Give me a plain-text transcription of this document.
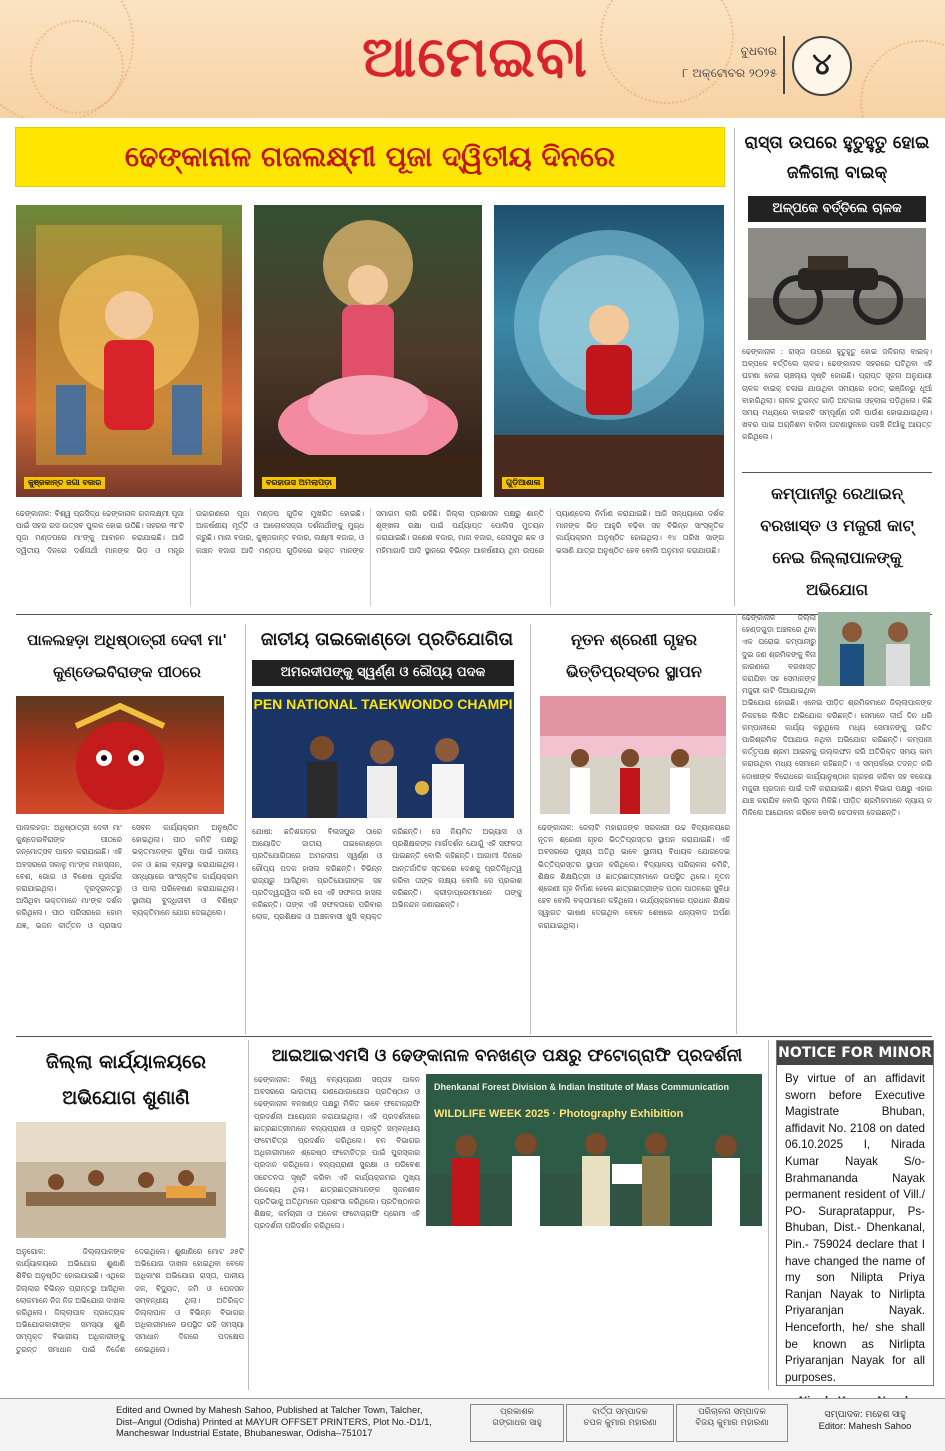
ଆମେଇବା	ବୁଧବାର
୮ ଅକ୍ଟୋବର ୨୦୨୫	୪
ଢେଙ୍କାନାଳ ଗଜଲକ୍ଷ୍ମୀ ପୂଜା ଦ୍ୱିତୀୟ ଦିନରେ
କୁଞ୍ଜକାନ୍ତ ଜଗା ବଜାର	ବରହାଉସ ଅମଲାପଡ଼ା	ଗୁଡ଼ିଆଶାଳା
ଢେଙ୍କାନାଳ: ବିଶ୍ୱ ପ୍ରସିଦ୍ଧ ଢେଙ୍କାନାଳ ଗଜଲକ୍ଷ୍ମୀ ପୂଜା ପାଇଁ ସହର ରସ ଉତ୍ସବ ପୁଲକ ହୋଇ ଉଠିଛି। ସହରର ୩୮ଟି ପୂଜା ମଣ୍ଡପରେ ମା'ଙ୍କୁ ଆବାହନ କରାଯାଇଛି। ଆଜି ଦ୍ୱିତୀୟ ଦିନରେ ଦର୍ଶନାର୍ଥୀ ମାନଙ୍କ ଭିଡ଼ ଓ ମନ୍ତ୍ର ଉଚ୍ଚାରଣରେ ପୂଜା ମଣ୍ଡପ ଗୁଡ଼ିକ ମୁଖରିତ ହୋଇଛି। ଆକର୍ଷଣୀୟ ମୂର୍ତ୍ତି ଓ ଆଲୋକସଜ୍ଜା ଦର୍ଶନାର୍ଥୀଙ୍କୁ ମୁଗ୍ଧ କରୁଛି। ମାନା ବଜାର, କୁଞ୍ଜକାନ୍ତ ବଜାର, ଲକ୍ଷ୍ମୀ ବଜାର, ଓ କାଞ୍ଚନ ବଜାର ଆଦି ମଣ୍ଡପ ଗୁଡ଼ିକରେ ଭକ୍ତ ମାନଙ୍କ ସମାଗମ ଲାଗି ରହିଛି। ଜିଲ୍ଲା ପ୍ରଶାସନ ପକ୍ଷରୁ ଶାନ୍ତି ଶୃଙ୍ଖଳା ରକ୍ଷା ପାଇଁ ପର୍ଯ୍ୟାପ୍ତ ପୋଲିସ ମୁତୟନ କରାଯାଇଛି। ଗଣେଶ ବଜାର, ମାନା ବଜାର, ଜେନାପୁର ଛକ ଓ ମହିମାଗାଦି ଆଦି ସ୍ଥାନରେ ବିଭିନ୍ନ ଆକର୍ଷଣୀୟ ଥିମ ଉପରେ ପ୍ୟାଣ୍ଡେଲ ନିର୍ମାଣ କରାଯାଇଛି। ଆଜି ସନ୍ଧ୍ୟାରେ ଦର୍ଶକ ମାନଙ୍କ ଭିଡ଼ ଆହୁରି ବଢ଼ିବା ସହ ବିଭିନ୍ନ ସାଂସ୍କୃତିକ କାର୍ଯ୍ୟକ୍ରମ ଅନୁଷ୍ଠିତ ହୋଇଥିଲା। ୧୪ ତାରିଖ ସାଙ୍ଗ ଭସାଣି ଯାତ୍ରା ଅନୁଷ୍ଠିତ ହେବ ବୋଲି ଅନୁମାନ କରାଯାଉଛି।
ରାସ୍ତା ଉପରେ ହୁତୁହୁତୁ ହୋଇ ଜଳିଗଲା ବାଇକ୍
ଅଳ୍ପକେ ବର୍ତ୍ତିଲେ ଚାଳକ
ଢେଙ୍କାନାଳ : ରାସ୍ତା ଉପରେ ହୁତୁହୁତୁ ହୋଇ ଜଳିଗଲା ବାଇକ୍। ଅଳ୍ପକେ ବର୍ତ୍ତିଲେ ଚାଳକ। ଢେଙ୍କାନାଳ ସହରରେ ଘଟିଥିବା ଏହି ଘଟଣା ନେଇ ଚାଞ୍ଚଲ୍ୟ ସୃଷ୍ଟି ହୋଇଛି। ପ୍ରାପ୍ତ ସୂଚନା ଅନୁଯାୟୀ ଚାଳକ ବାଇକ୍ ଚଳାଇ ଯାଉଥିବା ସମୟରେ ହଠାତ୍ ଇଞ୍ଜିନରୁ ଧୂଆଁ ବାହାରିଥିଲା। ଚାଳକ ତୁରନ୍ତ ଗାଡ଼ି ଅଟକାଇ ଓହ୍ଲାଇ ପଡ଼ିଥିଲେ। କିଛି ସମୟ ମଧ୍ୟରେ ବାଇକଟି ସମ୍ପୂର୍ଣ୍ଣ ଜଳି ପାଉଁଶ ହୋଇଯାଇଥିଲା। ଖବର ପାଇ ଅଗ୍ନିଶମ ବାହିନୀ ଘଟଣାସ୍ଥଳରେ ପହଞ୍ଚି ନିଆଁକୁ ଆୟତ୍ତ କରିଥିଲେ।
କମ୍ପାନୀରୁ ରେଥାଇନ୍ ବରଖାସ୍ତ ଓ ମଜୁରୀ କାଟ୍ ନେଇ ଜିଲ୍ଲାପାଳଙ୍କୁ ଅଭିଯୋଗ
ଢେଙ୍କାନାଳ ଜିଲ୍ଲା ହେଣ୍ଡଗୁଡ଼ା ଅଞ୍ଚଳରେ ଥିବା ଏକ ଘରୋଇ କମ୍ପାନୀରୁ ଦୁଇ ଜଣ ଶ୍ରମିକଙ୍କୁ ବିନା କାରଣରେ ବରଖାସ୍ତ କରାଯିବା ସହ ସେମାନଙ୍କ ମଜୁରୀ କାଟି ଦିଆଯାଇଥିବା ଅଭିଯୋଗ ହୋଇଛି। ଏନେଇ ପୀଡ଼ିତ ଶ୍ରମିକମାନେ ଜିଲ୍ଲାପାଳଙ୍କ ନିକଟରେ ଲିଖିତ ଅଭିଯୋଗ କରିଛନ୍ତି। ସେମାନେ ଦୀର୍ଘ ଦିନ ଧରି କମ୍ପାନୀରେ କାର୍ଯ୍ୟ କରୁଥିଲେ ମଧ୍ୟ ସେମାନଙ୍କୁ ଉଚିତ ପାରିଶ୍ରମିକ ଦିଆଯାଉ ନଥିବା ଅଭିଯୋଗ କରିଛନ୍ତି। କମ୍ପାନୀ କର୍ତ୍ତୃପକ୍ଷ ଶ୍ରମ ଆଇନକୁ ଉଲ୍ଲଙ୍ଘନ କରି ଅତିରିକ୍ତ ସମୟ କାମ କରାଉଥିବା ମଧ୍ୟ ସେମାନେ କହିଛନ୍ତି। ଏ ସମ୍ପର୍କରେ ତଦନ୍ତ କରି ଦୋଷୀଙ୍କ ବିରୋଧରେ କାର୍ଯ୍ୟାନୁଷ୍ଠାନ ଗ୍ରହଣ କରିବା ସହ ବକେୟା ମଜୁରୀ ପ୍ରଦାନ ପାଇଁ ଦାବି କରାଯାଇଛି। ଶ୍ରମ ବିଭାଗ ପକ୍ଷରୁ ଏହାର ଯାଞ୍ଚ କରାଯିବ ବୋଲି ସୂଚନା ମିଳିଛି। ପୀଡ଼ିତ ଶ୍ରମିକମାନେ ନ୍ୟାୟ ନ ମିଳିଲେ ଆନ୍ଦୋଳନ କରିବେ ବୋଲି ଚେତାବନୀ ଦେଇଛନ୍ତି।
ପାଳଲହଡ଼ା ଅଧିଷ୍ଠାତ୍ରୀ ଦେବୀ ମା' କୁଣ୍ଡେଇବିରାଙ୍କ ପୀଠରେ
ପାଲଲହଡ଼ା: ଅଧିଷ୍ଠାତ୍ରୀ ଦେବୀ ମା' କୁଣ୍ଡେଇବିରାଙ୍କ ପୀଠରେ ଜନ୍ମୋତ୍ସବ ପାଳନ କରାଯାଇଛି। ଏହି ଅବସରରେ ସକାଳୁ ମା'ଙ୍କ ମହାସ୍ନାନ, ବେଶ, ଭୋଗ ଓ ବିଶେଷ ପୂଜାର୍ଚ୍ଚନା କରାଯାଇଥିଲା। ଦୂରଦୂରାନ୍ତରୁ ଆସିଥିବା ଭକ୍ତମାନେ ମା'ଙ୍କ ଦର୍ଶନ କରିଥିଲେ। ପୀଠ ପରିସରରେ ହୋମ ଯଜ୍ଞ, ଭଜନ କୀର୍ତ୍ତନ ଓ ପ୍ରସାଦ ସେବନ କାର୍ଯ୍ୟକ୍ରମ ଅନୁଷ୍ଠିତ ହୋଇଥିଲା। ପୀଠ କମିଟି ପକ୍ଷରୁ ଭକ୍ତମାନଙ୍କ ସୁବିଧା ପାଇଁ ପାନୀୟ ଜଳ ଓ ଛାଇ ବ୍ୟବସ୍ଥା କରାଯାଇଥିଲା। ସନ୍ଧ୍ୟାରେ ସାଂସ୍କୃତିକ କାର୍ଯ୍ୟକ୍ରମ ଓ ପାଲା ପରିବେଷଣ କରାଯାଇଥିଲା। ସ୍ଥାନୀୟ ବୁଦ୍ଧିଜୀବୀ ଓ ବିଶିଷ୍ଟ ବ୍ୟକ୍ତିମାନେ ଯୋଗ ଦେଇଥିଲେ।
ଜାତୀୟ ତାଇକୋଣ୍ଡୋ ପ୍ରତିଯୋଗିତା
ଅମରଦୀପଙ୍କୁ ସ୍ୱର୍ଣ୍ଣ ଓ ରୌପ୍ୟ ପଦକ
PEN NATIONAL TAEKWONDO CHAMPI
ଯୋଷୀ: ଛତିଶଗଡ଼ର ବିଳାସପୁର ଠାରେ ଆୟୋଜିତ ଜାତୀୟ ତାଇକୋଣ୍ଡୋ ପ୍ରତିଯୋଗିତାରେ ଅମରଦୀପ ସ୍ୱର୍ଣ୍ଣ ଓ ରୌପ୍ୟ ପଦକ ହାସଲ କରିଛନ୍ତି। ବିଭିନ୍ନ ରାଜ୍ୟରୁ ଆସିଥିବା ପ୍ରତିଯୋଗୀଙ୍କ ସହ ପ୍ରତିଦ୍ୱନ୍ଦ୍ୱିତା କରି ସେ ଏହି ସଫଳତା ହାସଲ କରିଛନ୍ତି। ତାଙ୍କ ଏହି ସଫଳତାରେ ପରିବାର ଲୋକ, ପ୍ରଶିକ୍ଷକ ଓ ଅଞ୍ଚଳବାସୀ ଖୁସି ବ୍ୟକ୍ତ କରିଛନ୍ତି। ସେ ନିୟମିତ ଅଭ୍ୟାସ ଓ ପ୍ରଶିକ୍ଷକଙ୍କ ମାର୍ଗଦର୍ଶନ ଯୋଗୁଁ ଏହି ସଫଳତା ପାଇଛନ୍ତି ବୋଲି କହିଛନ୍ତି। ଆଗାମୀ ଦିନରେ ଆନ୍ତର୍ଜାତିକ ସ୍ତରରେ ଦେଶକୁ ପ୍ରତିନିଧିତ୍ୱ କରିବା ତାଙ୍କ ଲକ୍ଷ୍ୟ ବୋଲି ସେ ପ୍ରକାଶ କରିଛନ୍ତି। କ୍ରୀଡ଼ାପ୍ରେମୀମାନେ ତାଙ୍କୁ ଅଭିନନ୍ଦନ ଜଣାଇଛନ୍ତି।
ନୂତନ ଶ୍ରେଣୀ ଗୃହର ଭିତ୍ତିପ୍ରସ୍ତର ସ୍ଥାପନ
ଢେଙ୍କାନାଳ: ଜେଲାଟି ମହାରାଜଙ୍କ ସରକାରୀ ଉଚ୍ଚ ବିଦ୍ୟାଳୟରେ ନୂତନ ଶ୍ରେଣୀ ଗୃହର ଭିତ୍ତିପ୍ରସ୍ତର ସ୍ଥାପନ କରାଯାଇଛି। ଏହି ଅବସରରେ ମୁଖ୍ୟ ଅତିଥି ଭାବେ ସ୍ଥାନୀୟ ବିଧାୟକ ଯୋଗଦେଇ ଭିତ୍ତିପ୍ରସ୍ତର ସ୍ଥାପନ କରିଥିଲେ। ବିଦ୍ୟାଳୟ ପରିଚାଳନା କମିଟି, ଶିକ୍ଷକ ଶିକ୍ଷୟିତ୍ରୀ ଓ ଛାତ୍ରଛାତ୍ରୀମାନେ ଉପସ୍ଥିତ ଥିଲେ। ନୂତନ ଶ୍ରେଣୀ ଗୃହ ନିର୍ମାଣ ହେଲେ ଛାତ୍ରଛାତ୍ରୀଙ୍କ ପଠନ ପାଠନରେ ସୁବିଧା ହେବ ବୋଲି ବକ୍ତାମାନେ କହିଥିଲେ। କାର୍ଯ୍ୟକ୍ରମରେ ପ୍ରଧାନ ଶିକ୍ଷକ ସ୍ୱାଗତ ଭାଷଣ ଦେଇଥିବା ବେଳେ ଶେଷରେ ଧନ୍ୟବାଦ ଅର୍ପଣ କରାଯାଇଥିଲା।
ଜିଲ୍ଲା କାର୍ଯ୍ୟାଳୟରେ ଅଭିଯୋଗ ଶୁଣାଣି
ଅନୁଗୋଳ: ଜିଲ୍ଲାପାଳଙ୍କ କାର୍ଯ୍ୟାଳୟରେ ଅଭିଯୋଗ ଶୁଣାଣି ଶିବିର ଅନୁଷ୍ଠିତ ହୋଇଯାଇଛି। ଏଥିରେ ଜିଲ୍ଲାର ବିଭିନ୍ନ ପ୍ରାନ୍ତରୁ ଆସିଥିବା ଲୋକମାନେ ନିଜ ନିଜ ଅଭିଯୋଗ ଦାଖଲ କରିଥିଲେ। ଜିଲ୍ଲାପାଳ ପ୍ରତ୍ୟେକ ଅଭିଯୋଗକାରୀଙ୍କ ସମସ୍ୟା ଶୁଣି ସମ୍ପୃକ୍ତ ବିଭାଗୀୟ ଅଧିକାରୀଙ୍କୁ ତୁରନ୍ତ ସମାଧାନ ପାଇଁ ନିର୍ଦ୍ଦେଶ ଦେଇଥିଲେ। ଶୁଣାଣିରେ ମୋଟ ୬୫ଟି ଅଭିଯୋଗ ଦାଖଲ ହୋଇଥିବା ବେଳେ ଅଧିକାଂଶ ଅଭିଯୋଗ ରାସ୍ତା, ପାନୀୟ ଜଳ, ବିଦ୍ୟୁତ, ଜମି ଓ ପେନସନ ସମ୍ବନ୍ଧୀୟ ଥିଲା। ଅତିରିକ୍ତ ଜିଲ୍ଲାପାଳ ଓ ବିଭିନ୍ନ ବିଭାଗର ଅଧିକାରୀମାନେ ଉପସ୍ଥିତ ରହି ସମସ୍ୟା ସମାଧାନ ଦିଗରେ ପଦକ୍ଷେପ ନେଇଥିଲେ।
ଆଇଆଇଏମସି ଓ ଢେଙ୍କାନାଳ ବନଖଣ୍ଡ ପକ୍ଷରୁ ଫଟୋଗ୍ରାଫି ପ୍ରଦର୍ଶନୀ
Dhenkanal Forest Division & Indian Institute of Mass Communication
WILDLIFE WEEK 2025 · Photography Exhibition
ଢେଙ୍କାନାଳ: ବିଶ୍ୱ ବନ୍ୟପ୍ରାଣୀ ସପ୍ତାହ ପାଳନ ଅବସରରେ ଭାରତୀୟ ଗଣଯୋଗାଯୋଗ ପ୍ରତିଷ୍ଠାନ ଓ ଢେଙ୍କାନାଳ ବନଖଣ୍ଡ ପକ୍ଷରୁ ମିଳିତ ଭାବେ ଫଟୋଗ୍ରାଫି ପ୍ରଦର୍ଶନୀ ଆୟୋଜନ କରାଯାଇଥିଲା। ଏହି ପ୍ରଦର୍ଶନୀରେ ଛାତ୍ରଛାତ୍ରୀମାନେ ବନ୍ୟପ୍ରାଣୀ ଓ ପ୍ରକୃତି ସମ୍ବନ୍ଧୀୟ ଫଟୋଚିତ୍ର ପ୍ରଦର୍ଶନ କରିଥିଲେ। ବନ ବିଭାଗର ଅଧିକାରୀମାନେ ଶ୍ରେଷ୍ଠ ଫଟୋଚିତ୍ର ପାଇଁ ପୁରସ୍କାର ପ୍ରଦାନ କରିଥିଲେ। ବନ୍ୟପ୍ରାଣୀ ସୁରକ୍ଷା ଓ ପରିବେଶ ସଚେତନତା ସୃଷ୍ଟି କରିବା ଏହି କାର୍ଯ୍ୟକ୍ରମର ମୁଖ୍ୟ ଉଦ୍ଦେଶ୍ୟ ଥିଲା। ଛାତ୍ରଛାତ୍ରୀମାନଙ୍କ ସୃଜନଶୀଳ ପ୍ରତିଭାକୁ ଅତିଥିମାନେ ପ୍ରଶଂସା କରିଥିଲେ। ପ୍ରତିଷ୍ଠାନର ଶିକ୍ଷକ, କର୍ମଚାରୀ ଓ ଅନେକ ଫଟୋଗ୍ରାଫି ପ୍ରେମୀ ଏହି ପ୍ରଦର୍ଶନୀ ପରିଦର୍ଶନ କରିଥିଲେ।
NOTICE FOR MINOR
By virtue of an affidavit sworn before Executive Magistrate Bhuban, affidavit No. 2108 on dated 06.10.2025 I, Nirada Kumar Nayak S/o- Brahmananda Nayak permanent resident of Vill./ PO- Surapratappur, Ps- Bhuban, Dist.- Dhenkanal, Pin.- 759024 declare that I have changed the name of my son Nilipta Priya Ranjan Nayak to Nirlipta Priyaranjan Nayak. Henceforth, he/ she shall be known as Nirlipta Priyaranjan Nayak for all purposes.
Edited and Owned by Mahesh Sahoo, Published at Talcher Town, Talcher,
Dist–Angul (Odisha) Printed at MAYUR OFFSET PRINTERS, Plot No.-D1/1,
Mancheswar Industrial Estate, Bhubaneswar, Odisha–751017
ପ୍ରକାଶକ
ଗଙ୍ଗାଧର ସାହୁ
ବାର୍ତ୍ତା ସମ୍ପାଦକ
ଚପଳ କୁମାର ମହାରଣା
ପରିଚାଳନା ସମ୍ପାଦକ
ବିଜୟ କୁମାର ମହାରଣା
ସମ୍ପାଦକ: ମହେଶ ସାହୁ
Editor: Mahesh Sahoo
